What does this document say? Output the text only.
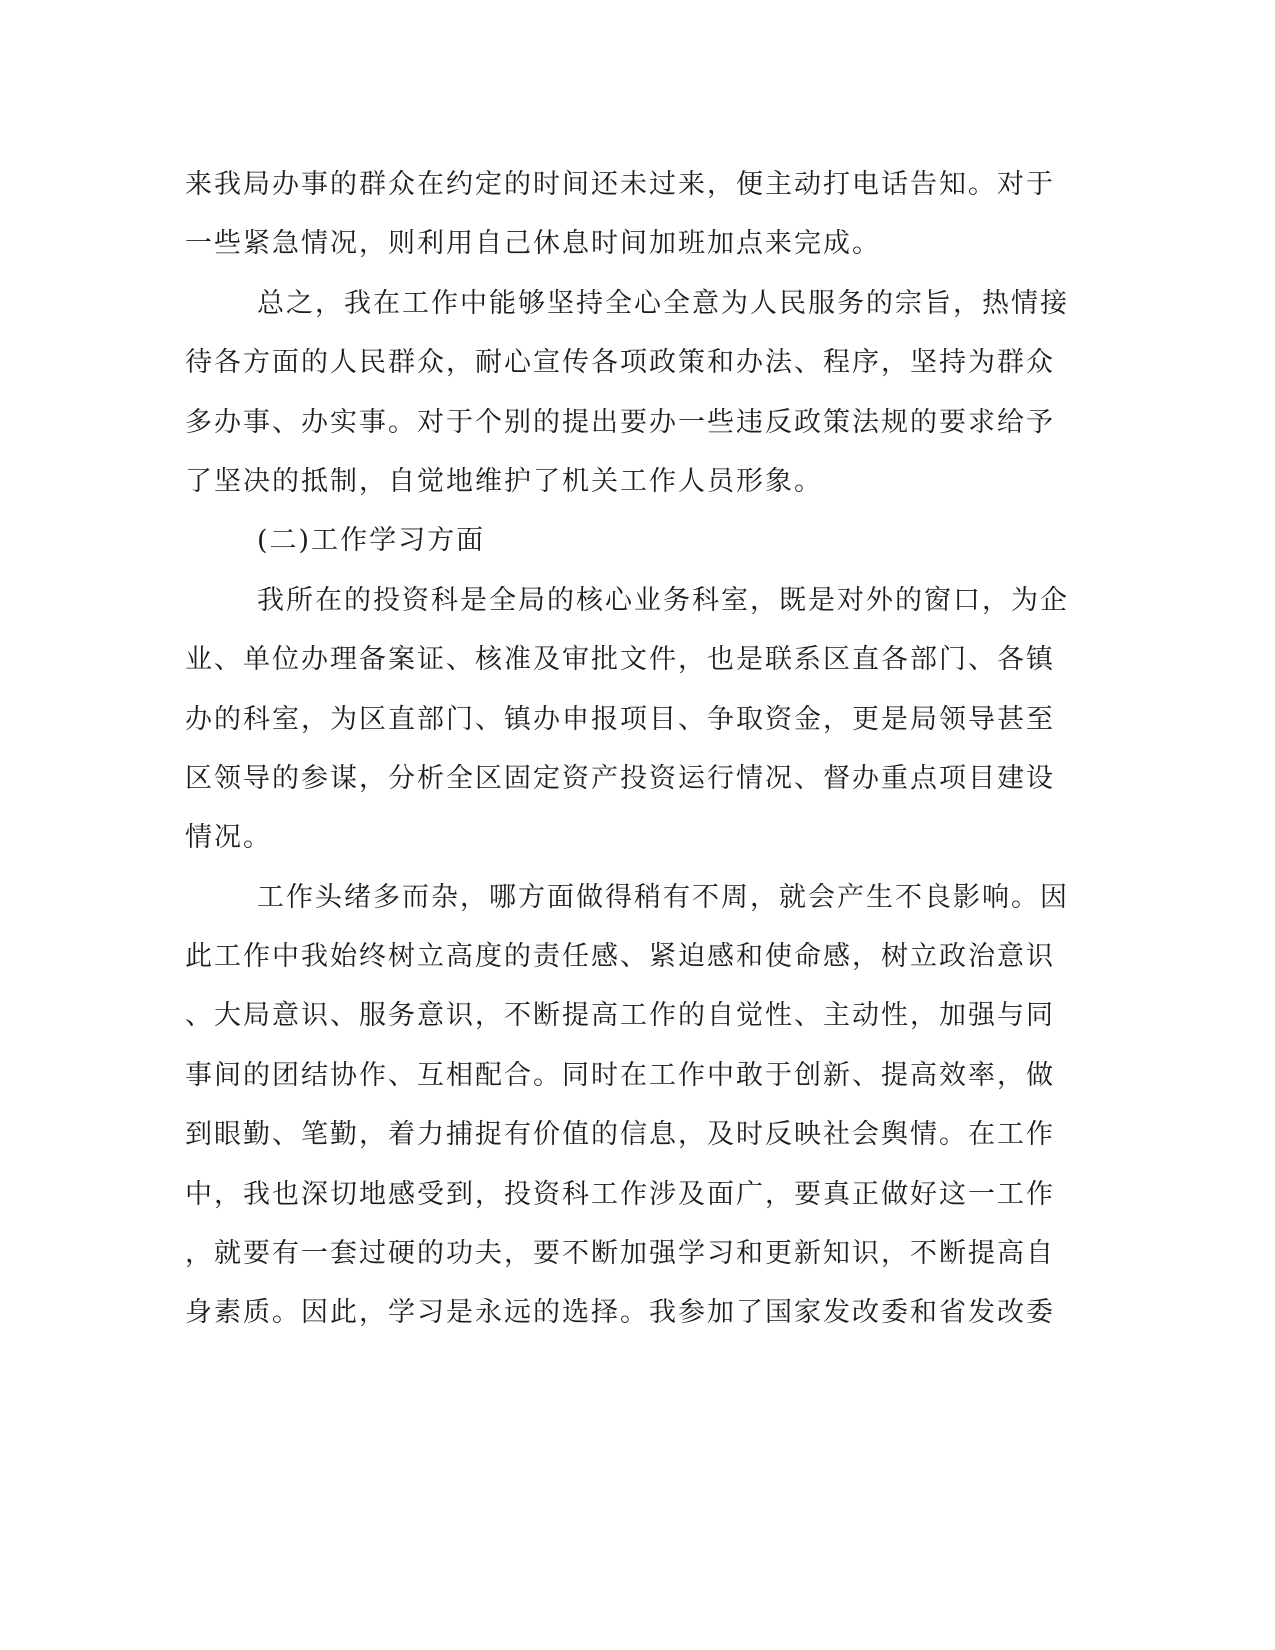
来我局办事的群众在约定的时间还未过来，便主动打电话告知。对于
一些紧急情况，则利用自己休息时间加班加点来完成。
总之，我在工作中能够坚持全心全意为人民服务的宗旨，热情接
待各方面的人民群众，耐心宣传各项政策和办法、程序，坚持为群众
多办事、办实事。对于个别的提出要办一些违反政策法规的要求给予
了坚决的抵制，自觉地维护了机关工作人员形象。
(二)工作学习方面
我所在的投资科是全局的核心业务科室，既是对外的窗口，为企
业、单位办理备案证、核准及审批文件，也是联系区直各部门、各镇
办的科室，为区直部门、镇办申报项目、争取资金，更是局领导甚至
区领导的参谋，分析全区固定资产投资运行情况、督办重点项目建设
情况。
工作头绪多而杂，哪方面做得稍有不周，就会产生不良影响。因
此工作中我始终树立高度的责任感、紧迫感和使命感，树立政治意识
、大局意识、服务意识，不断提高工作的自觉性、主动性，加强与同
事间的团结协作、互相配合。同时在工作中敢于创新、提高效率，做
到眼勤、笔勤，着力捕捉有价值的信息，及时反映社会舆情。在工作
中，我也深切地感受到，投资科工作涉及面广，要真正做好这一工作
，就要有一套过硬的功夫，要不断加强学习和更新知识，不断提高自
身素质。因此，学习是永远的选择。我参加了国家发改委和省发改委
